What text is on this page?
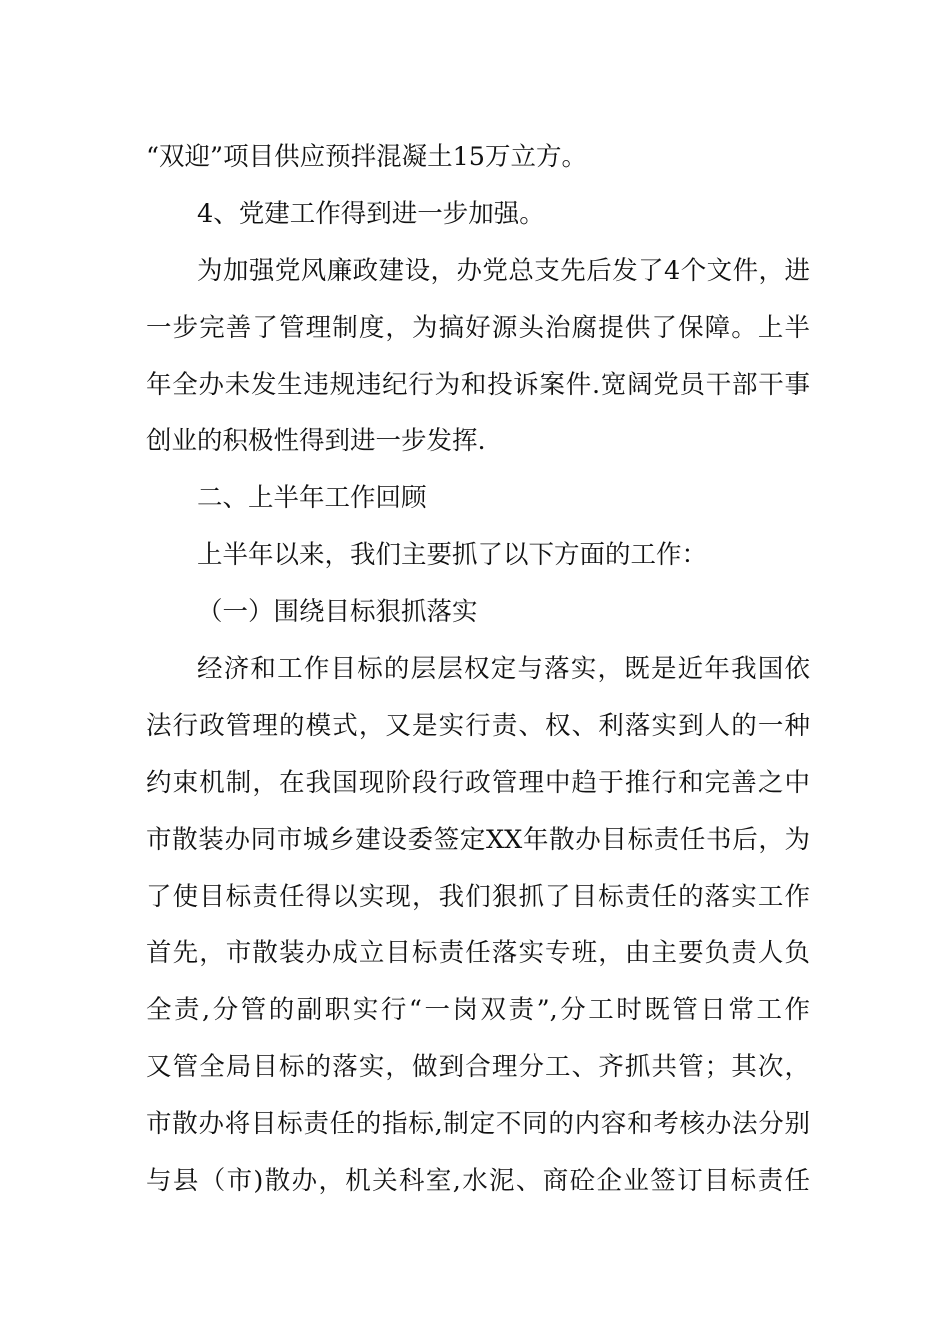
“双迎”项目供应预拌混凝土15万立方。
4、党建工作得到进一步加强。
为加强党风廉政建设，办党总支先后发了4个文件，进
一步完善了管理制度，为搞好源头治腐提供了保障。上半
年全办未发生违规违纪行为和投诉案件.宽阔党员干部干事
创业的积极性得到进一步发挥.
二、上半年工作回顾
上半年以来，我们主要抓了以下方面的工作：
（一）围绕目标狠抓落实
经济和工作目标的层层权定与落实，既是近年我国依
法行政管理的模式，又是实行责、权、利落实到人的一种
约束机制，在我国现阶段行政管理中趋于推行和完善之中
市散装办同市城乡建设委签定XX年散办目标责任书后，为
了使目标责任得以实现，我们狠抓了目标责任的落实工作
首先，市散装办成立目标责任落实专班，由主要负责人负
全责,分管的副职实行“一岗双责”,分工时既管日常工作
又管全局目标的落实，做到合理分工、齐抓共管；其次，
市散办将目标责任的指标,制定不同的内容和考核办法分别
与县（市)散办，机关科室,水泥、商砼企业签订目标责任
